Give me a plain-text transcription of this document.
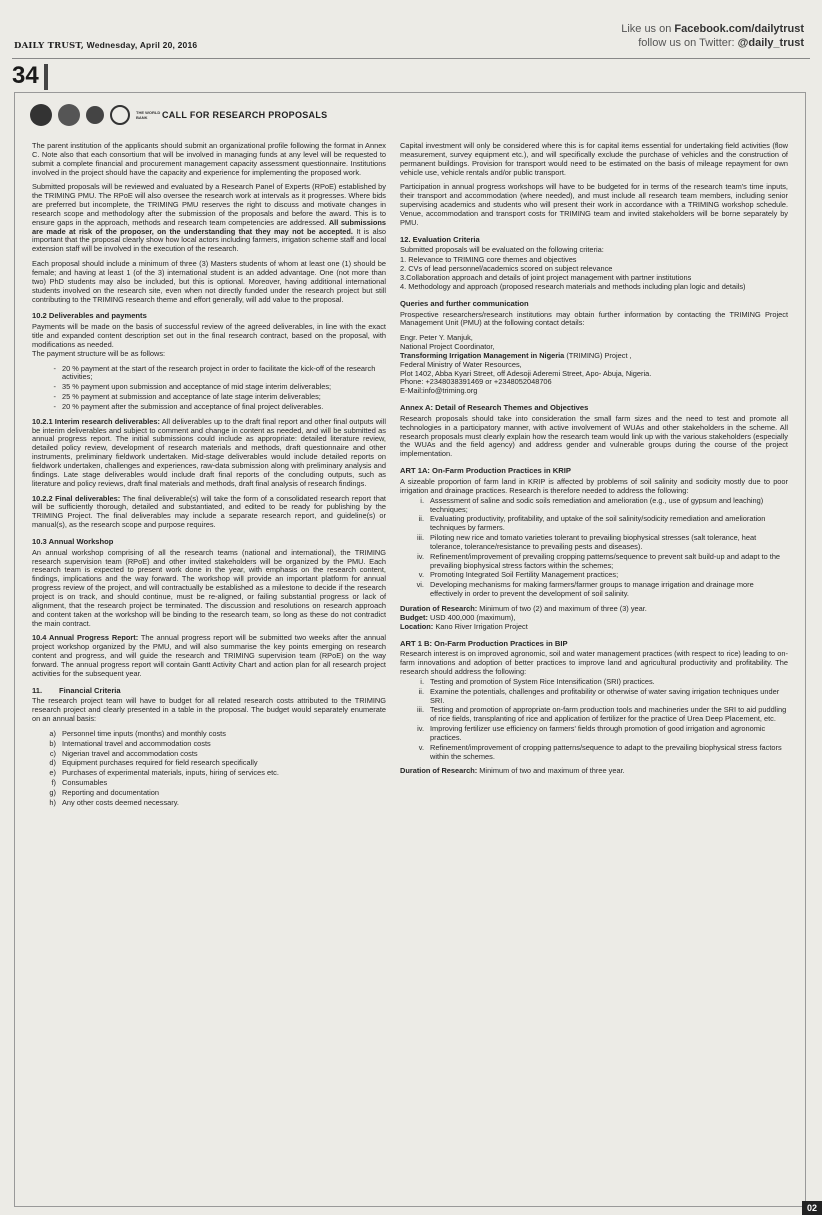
DAILY TRUST, Wednesday, April 20, 2016
Like us on Facebook.com/dailytrust
follow us on Twitter: @daily_trust
34
THE WORLD BANK	CALL FOR RESEARCH PROPOSALS

The parent institution of the applicants should submit an organizational profile following the format in Annex C. Note also that each consortium that will be involved in managing funds at any level will be requested to submit a complete financial and procurement management capacity assessment questionnaire. Institutions involved in the project should have the capacity and experience for implementing the proposed work.

Submitted proposals will be reviewed and evaluated by a Research Panel of Experts (RPoE) established by the TRIMING PMU. The RPoE will also oversee the research work at intervals as it progresses. Where bids are preferred but incomplete, the TRIMING PMU reserves the right to discuss and motivate changes in research scope and methodology after the submission of the proposals and before the award. This is to ensure gaps in the approach, methods and research team competencies are addressed. All submissions are made at risk of the proposer, on the understanding that they may not be accepted. It is also important that the proposal clearly show how local actors including farmers, irrigation scheme staff and local extension staff will be involved in the execution of the research.

Each proposal should include a minimum of three (3) Masters students of whom at least one (1) should be female; and having at least 1 (of the 3) international student is an added advantage. One (not more than two) PhD students may also be included, but this is optional. Moreover, having additional international students involved on the research site, even when not directly funded under the research project but still contributing to the TRIMING research theme and effort generally, will add value to the proposal.

10.2 Deliverables and payments

Payments will be made on the basis of successful review of the agreed deliverables, in line with the exact title and expanded content description set out in the final research contract, based on the proposal, with modifications as needed.

The payment structure will be as follows:

- 20 % payment at the start of the research project in order to facilitate the kick-off of the research activities;
- 35 % payment upon submission and acceptance of mid stage interim deliverables;
- 25 % payment at submission and acceptance of late stage interim deliverables;
- 20 % payment after the submission and acceptance of final project deliverables.

10.2.1 Interim research deliverables: All deliverables up to the draft final report and other final outputs will be interim deliverables and subject to comment and change in content as needed, and will be submitted as annual progress report. The initial submissions could include as appropriate: detailed literature review, detailed policy review, development of research materials and methods, draft questionnaire and other instruments, preliminary fieldwork undertaken. Mid-stage deliverables would include detailed reports on fieldwork undertaken, challenges and experiences, raw-data submission along with preliminary analysis and findings. Late stage deliverables would include draft final reports of the concluding outputs, such as literature and policy reviews, draft final materials and methods, draft final analysis of research findings.

10.2.2 Final deliverables: The final deliverable(s) will take the form of a consolidated research report that will be sufficiently thorough, detailed and substantiated, and edited to be ready for publishing by the TRIMING Project. The final deliverables may include a separate research report, and guideline(s) or manual(s), as the research scope and purpose requires.

10.3 Annual Workshop

An annual workshop comprising of all the research teams (national and international), the TRIMING research supervision team (RPoE) and other invited stakeholders will be organized by the PMU. Each research team is expected to present work done in the year, with emphasis on the research content, findings, implications and the way forward. The workshop will provide an important platform for annual progress review of the project, and will contractually be established as a milestone to decide if the research project is on track, and should continue, must be re-aligned, or failing substantial progress or lack of alignment, that the research project be terminated. The discussion and resolutions on research approach and content taken at the workshop will be binding to the research team, so long as these do not contradict the main contract.

10.4 Annual Progress Report: The annual progress report will be submitted two weeks after the annual project workshop organized by the PMU, and will also summarise the key points emerging on research content and progress, and will guide the research and TRIMING supervision team (RPoE) on the way forward. The annual progress report will contain Gantt Activity Chart and action plan for all research project activities for the subsequent year.

11.        Financial Criteria

The research project team will have to budget for all related research costs attributed to the TRIMING research project and clearly presented in a table in the proposal. The budget would separately enumerate on an annual basis:

a) Personnel time inputs (months) and monthly costs
b) International travel and accommodation costs
c) Nigerian travel and accommodation costs
d) Equipment purchases required for field research specifically
e) Purchases of experimental materials, inputs, hiring of services etc.
f) Consumables
g) Reporting and documentation
h) Any other costs deemed necessary.

Capital investment will only be considered where this is for capital items essential for undertaking field activities (flow measurement, survey equipment etc.), and will specifically exclude the purchase of vehicles and the construction of permanent buildings. Provision for transport would need to be estimated on the basis of mileage repayment for own vehicle use, vehicle rentals and/or public transport.

Participation in annual progress workshops will have to be budgeted for in terms of the research team's time inputs, their transport and accommodation (where needed), and must include all research team members, including senior supervising academics and students who will present their work in accordance with a TRIMING workshop schedule. Venue, accommodation and transport costs for TRIMING team and invited stakeholders will be borne separately by PMU.

12. Evaluation Criteria

Submitted proposals will be evaluated on the following criteria:

1. Relevance to TRIMING core themes and objectives
2. CVs of lead personnel/academics scored on subject relevance
3.Collaboration approach and details of joint project management with partner institutions
4. Methodology and approach (proposed research materials and methods including plan logic and details)
Queries and further communication

Prospective researchers/research institutions may obtain further information by contacting the TRIMING Project Management Unit (PMU) at the following contact details:

Engr. Peter Y. Manjuk,
National Project Coordinator,
Transforming Irrigation Management in Nigeria (TRIMING) Project ,
Federal Ministry of Water Resources,
Plot 1402, Abba Kyari Street, off Adesoji Aderemi Street, Apo- Abuja, Nigeria.
Phone: +2348038391469 or +2348052048706
E-Mail:info@triming.org
Annex A: Detail of Research Themes and Objectives

Research proposals should take into consideration the small farm sizes and the need to test and promote all technologies in a participatory manner, with active involvement of WUAs and other stakeholders in the scheme. All research proposals must clearly explain how the research team would link up with the various stakeholders (especially the WUAs and the field agency) and address gender and vulnerable groups during the course of the project implementation.

ART 1A: On-Farm Production Practices in KRIP

A sizeable proportion of farm land in KRIP is affected by problems of soil salinity and sodicity mostly due to poor irrigation and drainage practices. Research is therefore needed to address the following:

i. Assessment of saline and sodic soils remediation and amelioration (e.g., use of gypsum and leaching) techniques;
ii. Evaluating productivity, profitability, and uptake of the soil salinity/sodicity remediation and amelioration techniques by farmers.
iii. Piloting new rice and tomato varieties tolerant to prevailing biophysical stresses (salt tolerance, heat tolerance, tolerance/resistance to prevailing pests and diseases).
iv. Refinement/improvement of prevailing cropping patterns/sequence to prevent salt build-up and adapt to the prevailing biophysical stress factors within the schemes;
v. Promoting Integrated Soil Fertility Management practices;
vi. Developing mechanisms for making farmers/farmer groups to manage irrigation and drainage more effectively in order to prevent the development of soil salinity.
Duration of Research: Minimum of two (2) and maximum of three (3) year.
Budget: USD 400,000 (maximum),
Location: Kano River Irrigation Project
ART 1 B: On-Farm Production Practices in BIP

Research interest is on improved agronomic, soil and water management practices (with respect to rice) leading to on-farm innovations and adoption of better practices to improve land and agricultural productivity and profitability. The research should address the following:

i. Testing and promotion of System Rice Intensification (SRI) practices.
ii. Examine the potentials, challenges and profitability or otherwise of water saving irrigation techniques under SRI.
iii. Testing and promotion of appropriate on-farm production tools and machineries under the SRI to aid puddling of rice fields, transplanting of rice and application of fertilizer for the practice of Urea Deep Placement, etc.
iv. Improving fertilizer use efficiency on farmers' fields through promotion of good irrigation and agronomic practices.
v. Refinement/improvement of cropping patterns/sequence to adapt to the prevailing biophysical stress factors within the schemes.
Duration of Research: Minimum of two and maximum of three year.
02
